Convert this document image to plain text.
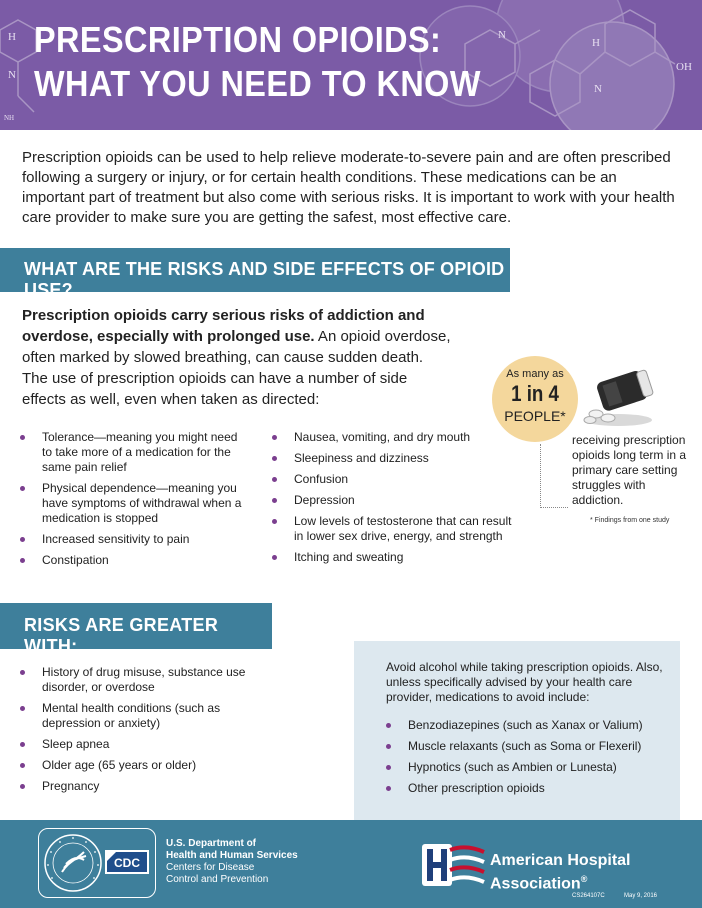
H
N
OH
N
H
N
NH
PRESCRIPTION OPIOIDS:
WHAT YOU NEED TO KNOW

Prescription opioids can be used to help relieve moderate-to-severe pain and are often prescribed following a surgery or injury, or for certain health conditions. These medications can be an important part of treatment but also come with serious risks. It is important to work with your health care provider to make sure you are getting the safest, most effective care.

WHAT ARE THE RISKS AND SIDE EFFECTS OF OPIOID USE?

Prescription opioids carry serious risks of addiction and overdose, especially with prolonged use. An opioid overdose, often marked by slowed breathing, can cause sudden death. The use of prescription opioids can have a number of side effects as well, even when taken as directed:

Tolerance—meaning you might need to take more of a medication for the same pain relief
Physical dependence—meaning you have symptoms of withdrawal when a medication is stopped
Increased sensitivity to pain
Constipation
Nausea, vomiting, and dry mouth
Sleepiness and dizziness
Confusion
Depression
Low levels of testosterone that can result in lower sex drive, energy, and strength
Itching and sweating
As many as
1 in 4
PEOPLE*
receiving prescription opioids long term in a primary care setting struggles with addiction.
* Findings from one study
RISKS ARE GREATER WITH:
History of drug misuse, substance use disorder, or overdose
Mental health conditions (such as depression or anxiety)
Sleep apnea
Older age (65 years or older)
Pregnancy

Avoid alcohol while taking prescription opioids. Also, unless specifically advised by your health care provider, medications to avoid include:

Benzodiazepines (such as Xanax or Valium)
Muscle relaxants (such as Soma or Flexeril)
Hypnotics (such as Ambien or Lunesta)
Other prescription opioids
CDC
U.S. Department of
Health and Human Services
Centers for Disease
Control and Prevention
American Hospital
Association®
CS264107C	May 9, 2016
